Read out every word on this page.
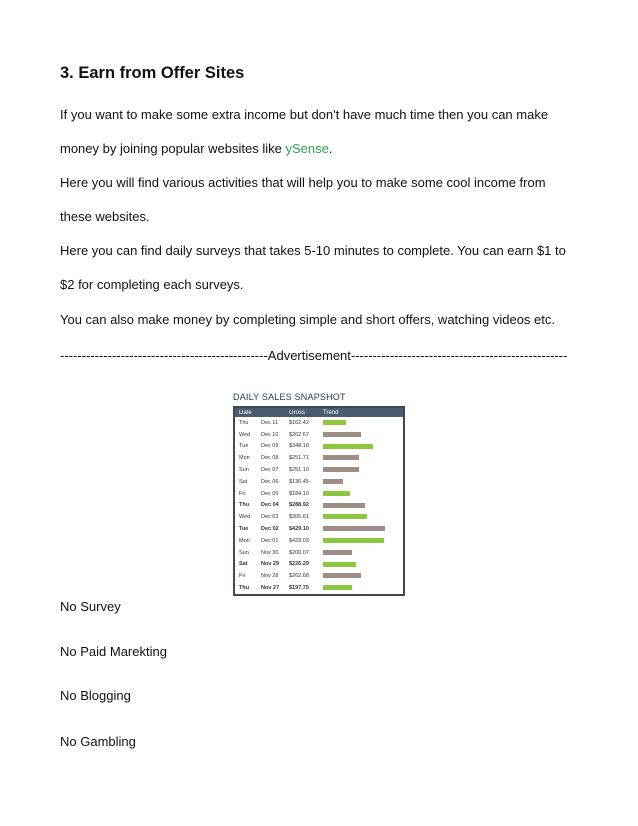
3. Earn from Offer Sites
If you want to make some extra income but don't have much time then you can make
money by joining popular websites like ySense.
Here you will find various activities that will help you to make some cool income from
these websites.
Here you can find daily surveys that takes 5-10 minutes to complete. You can earn $1 to
$2 for completing each surveys.
You can also make money by completing simple and short offers, watching videos etc.
------------------------------------------------Advertisement--------------------------------------------------
DAILY SALES SNAPSHOT
Date	Gross	Trend
Thu	Dec 11	$162.42
Wed	Dec 10	$262.67
Tue	Dec 09	$348.18
Mon	Dec 08	$251.71
Sun	Dec 07	$251.10
Sat	Dec 06	$136.45
Fri	Dec 05	$184.10
Thu	Dec 04	$288.92
Wed	Dec 03	$305.61
Tue	Dec 02	$429.10
Mon	Dec 01	$423.03
Sun	Nov 30	$200.07
Sat	Nov 29	$226.29
Fri	Nov 28	$262.68
Thu	Nov 27	$197.75
No Survey
No Paid Marekting
No Blogging
No Gambling
